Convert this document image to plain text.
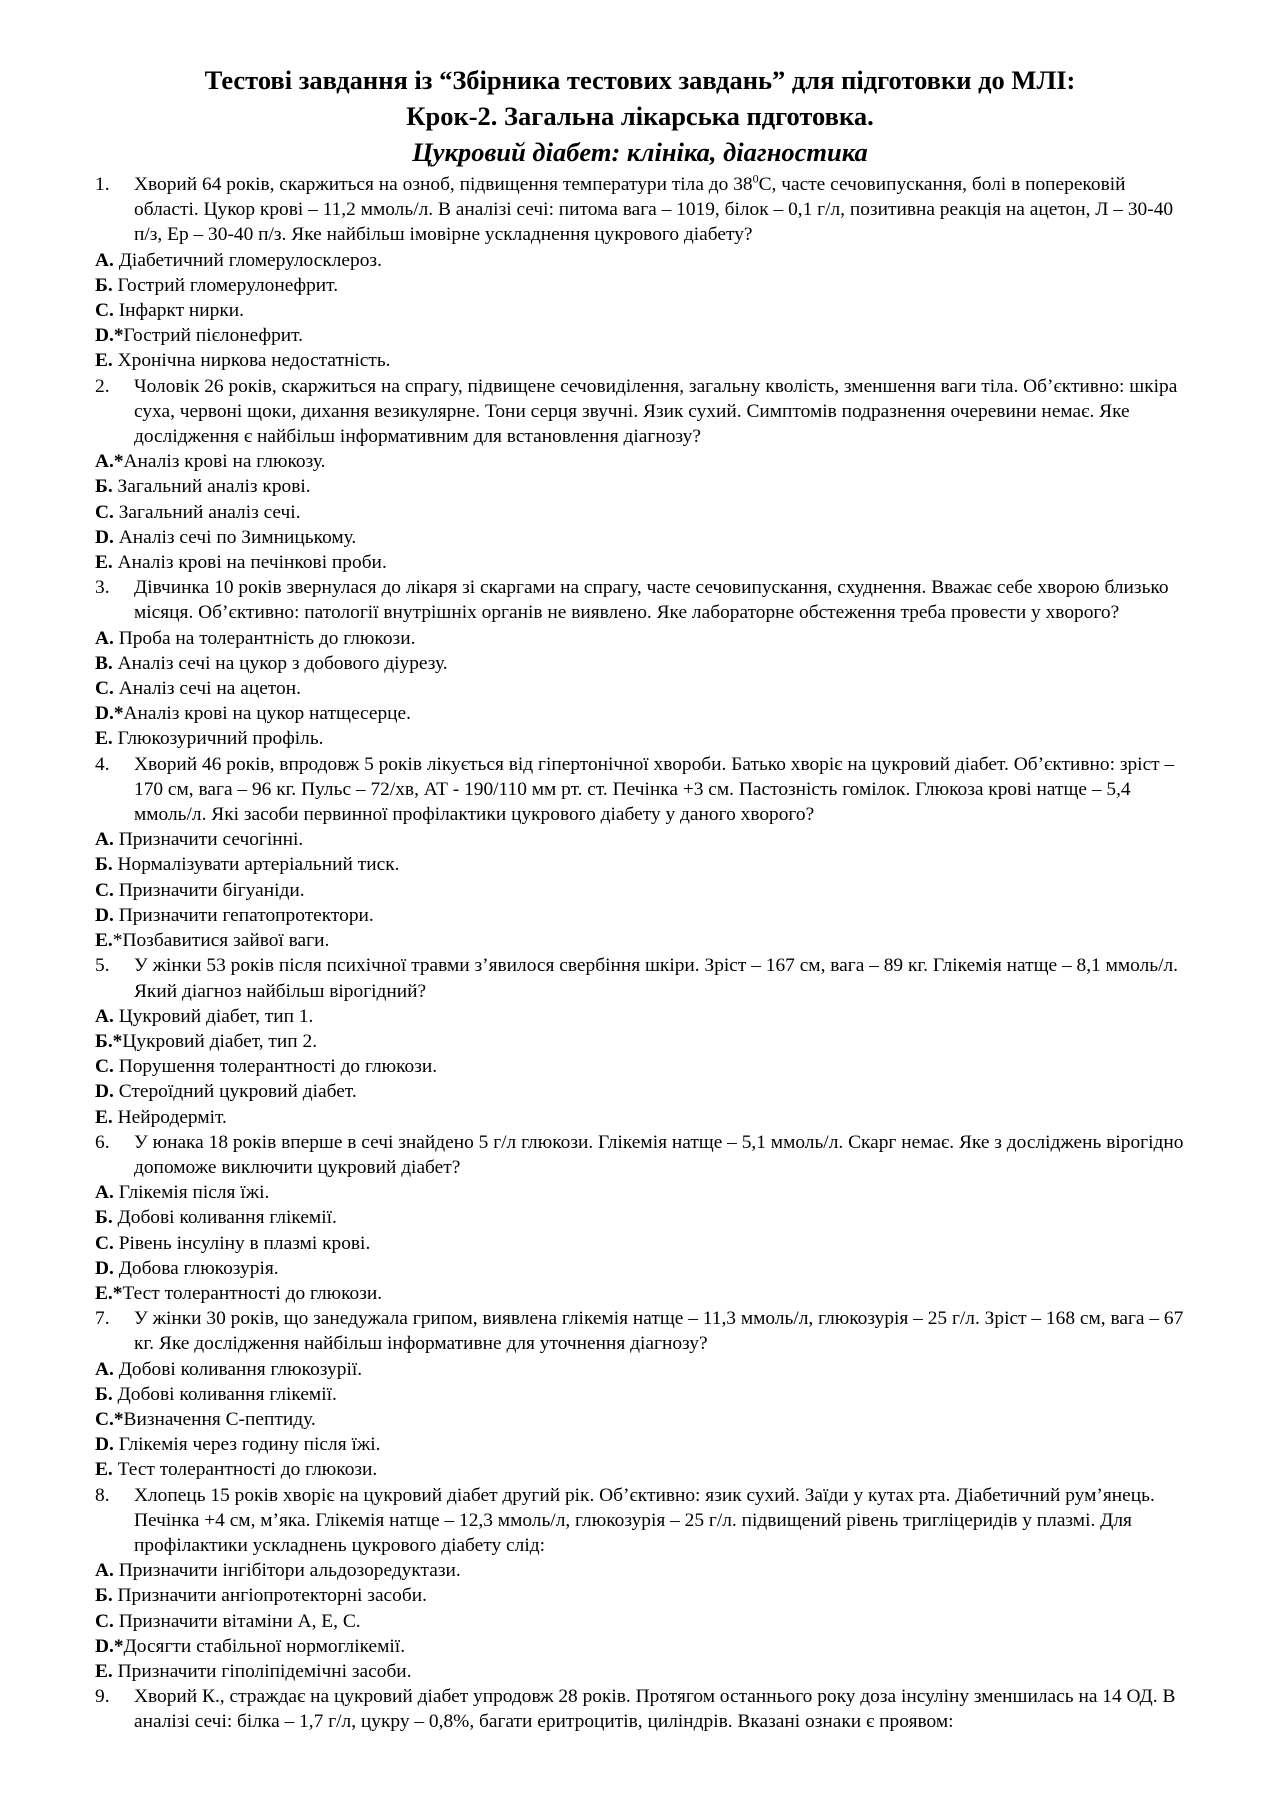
Тестові завдання із “Збірника тестових завдань” для підготовки до МЛІ:

Крок-2. Загальна лікарська пдготовка.

Цукровий діабет: клініка, діагностика

1.	Хворий 64 років, скаржиться на озноб, підвищення температури тіла до $38^0С$, часте сечовипускання, болі в поперековій області. Цукор крові – 11,2 ммоль/л. В аналізі сечі: питома вага – 1019, білок – 0,1 г/л, позитивна реакція на ацетон, Л – 30-40 п/з, Ер – 30-40 п/з. Яке найбільш імовірне ускладнення цукрового діабету?
A. Діабетичний гломерулосклероз.
Б. Гострий гломерулонефрит.
C. Інфаркт нирки.
D.*Гострий пієлонефрит.
E. Хронічна ниркова недостатність.
2.	Чоловік 26 років, скаржиться на спрагу, підвищене сечовиділення, загальну кволість, зменшення ваги тіла. Об’єктивно: шкіра суха, червоні щоки, дихання везикулярне. Тони серця звучні. Язик сухий. Симптомів подразнення очеревини немає. Яке дослідження є найбільш інформативним для встановлення діагнозу?
A.*Аналіз крові на глюкозу.
Б. Загальний аналіз крові.
C. Загальний аналіз сечі.
D. Аналіз сечі по Зимницькому.
E. Аналіз крові на печінкові проби.
3.	Дівчинка 10 років звернулася до лікаря зі скаргами на спрагу, часте сечовипускання, схуднення. Вважає себе хворою близько місяця. Об’єктивно: патології внутрішніх органів не виявлено. Яке лабораторне обстеження треба провести у хворого?
A. Проба на толерантність до глюкози.
B. Аналіз сечі на цукор з добового діурезу.
C. Аналіз сечі на ацетон.
D.*Аналіз крові на цукор натщесерце.
E. Глюкозуричний профіль.
4.	Хворий 46 років, впродовж 5 років лікується від гіпертонічної хвороби. Батько хворіє на цукровий діабет. Об’єктивно: зріст – 170 см, вага – 96 кг. Пульс – 72/хв, АТ - 190/110 мм рт. ст. Печінка +3 см. Пастозність гомілок. Глюкоза крові натще – 5,4 ммоль/л. Які засоби первинної профілактики цукрового діабету у даного хворого?
A. Призначити сечогінні.
Б. Нормалізувати артеріальний тиск.
C. Призначити бігуаніди.
D. Призначити гепатопротектори.
E.*Позбавитися зайвої ваги.
5.	У жінки 53 років після психічної травми з’явилося свербіння шкіри. Зріст – 167 см, вага – 89 кг. Глікемія натще – 8,1 ммоль/л. Який діагноз найбільш вірогідний?
A. Цукровий діабет, тип 1.
Б.*Цукровий діабет, тип 2.
C. Порушення толерантності до глюкози.
D. Стероїдний цукровий діабет.
E. Нейродерміт.
6.	У юнака 18 років вперше в сечі знайдено 5 г/л глюкози. Глікемія натще – 5,1 ммоль/л. Скарг немає. Яке з досліджень вірогідно допоможе виключити цукровий діабет?
A. Глікемія після їжі.
Б. Добові коливання глікемії.
C. Рівень інсуліну в плазмі крові.
D. Добова глюкозурія.
E.*Тест толерантності до глюкози.
7.	У жінки 30 років, що занедужала грипом, виявлена глікемія натще – 11,3 ммоль/л, глюкозурія – 25 г/л. Зріст – 168 см, вага – 67 кг. Яке дослідження найбільш інформативне для уточнення діагнозу?
A. Добові коливання глюкозурії.
Б. Добові коливання глікемії.
C.*Визначення С-пептиду.
D. Глікемія через годину після їжі.
E. Тест толерантності до глюкози.
8.	Хлопець 15 років хворіє на цукровий діабет другий рік. Об’єктивно: язик сухий. Заїди у кутах рта. Діабетичний рум’янець. Печінка +4 см, м’яка. Глікемія натще – 12,3 ммоль/л, глюкозурія – 25 г/л. підвищений рівень тригліцеридів у плазмі. Для профілактики ускладнень цукрового діабету слід:
A. Призначити інгібітори альдозоредуктази.
Б. Призначити ангіопротекторні засоби.
C. Призначити вітаміни А, Е, С.
D.*Досягти стабільної нормоглікемії.
E. Призначити гіполіпідемічні засоби.
9.	Хворий К., страждає на цукровий діабет упродовж 28 років. Протягом останнього року доза інсуліну зменшилась на 14 ОД. В аналізі сечі: білка – 1,7 г/л, цукру – 0,8%, багати еритроцитів, циліндрів. Вказані ознаки є проявом:
